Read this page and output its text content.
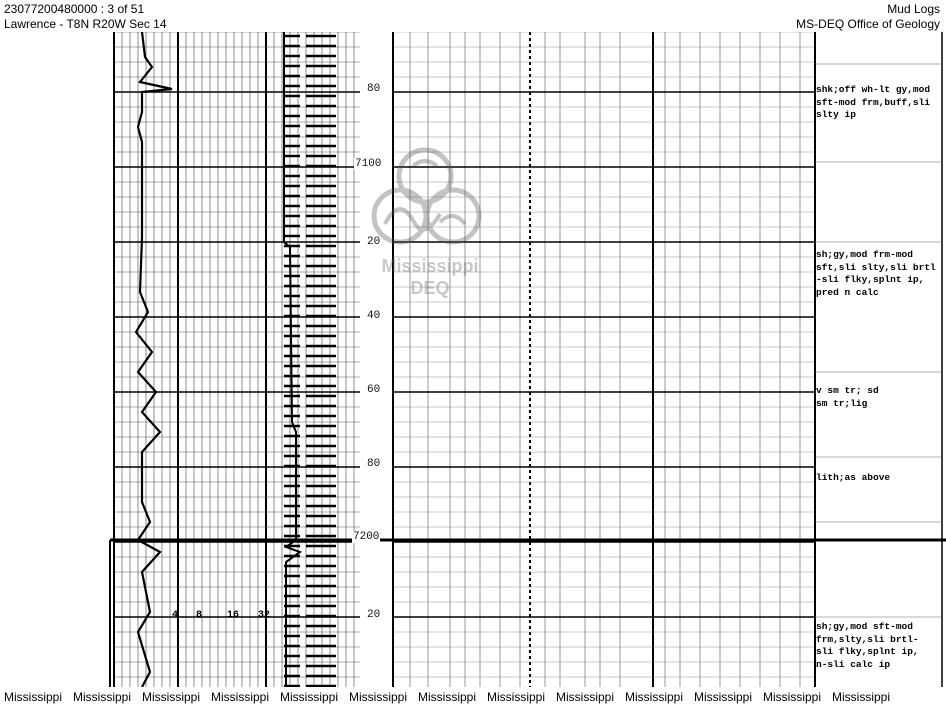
23077200480000 : 3 of 51
Lawrence - T8N R20W Sec 14
Mud Logs
MS-DEQ Office of Geology
80
7100
20
40
60
80
7200
20
4 8 16 32
shk;off wh-lt gy,mod
sft-mod frm,buff,sli
slty ip
sh;gy,mod frm-mod
sft,sli slty,sli brtl
-sli flky,splnt ip,
pred n calc
v sm tr; sd
sm tr;lig
lith;as above
sh;gy,mod sft-mod
frm,slty,sli brtl-
sli flky,splnt ip,
n-sli calc ip
Mississippi
DEQ
Mississippi Mississippi Mississippi Mississippi Mississippi Mississippi Mississippi Mississippi Mississippi Mississippi Mississippi Mississippi Mississippi
